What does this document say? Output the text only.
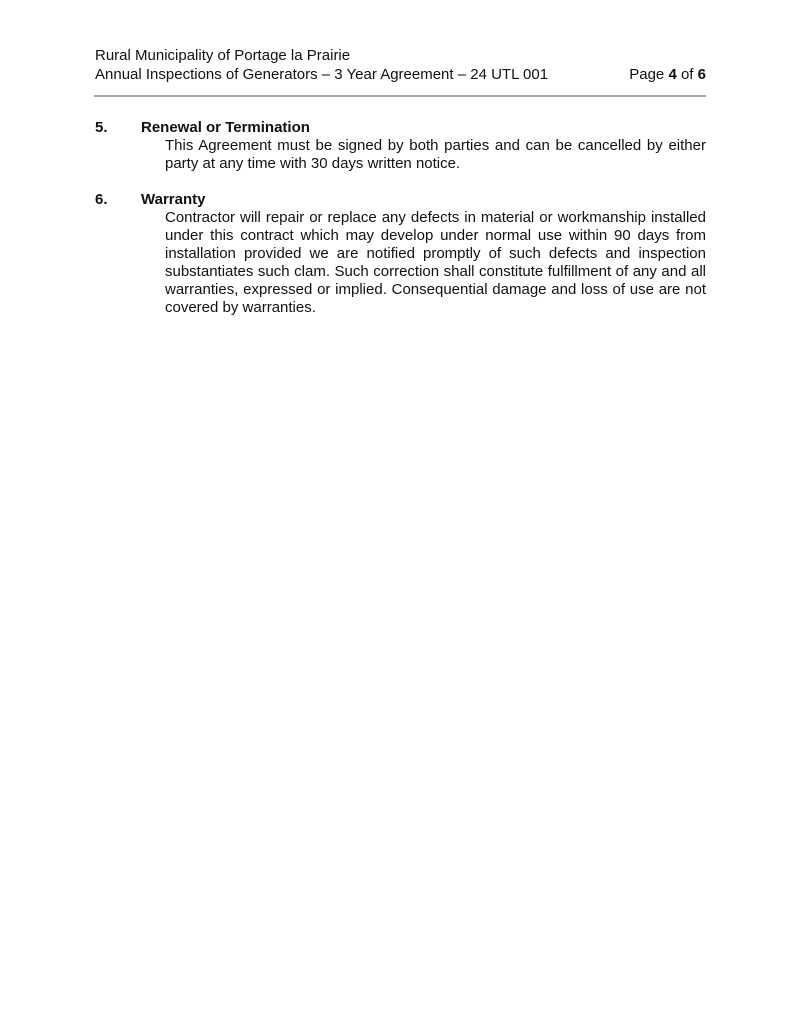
Rural Municipality of Portage la Prairie
Annual Inspections of Generators – 3 Year Agreement – 24 UTL 001	Page 4 of 6
5.	Renewal or Termination
This Agreement must be signed by both parties and can be cancelled by either party at any time with 30 days written notice.
6.	Warranty
Contractor will repair or replace any defects in material or workmanship installed under this contract which may develop under normal use within 90 days from installation provided we are notified promptly of such defects and inspection substantiates such clam. Such correction shall constitute fulfillment of any and all warranties, expressed or implied. Consequential damage and loss of use are not covered by warranties.
